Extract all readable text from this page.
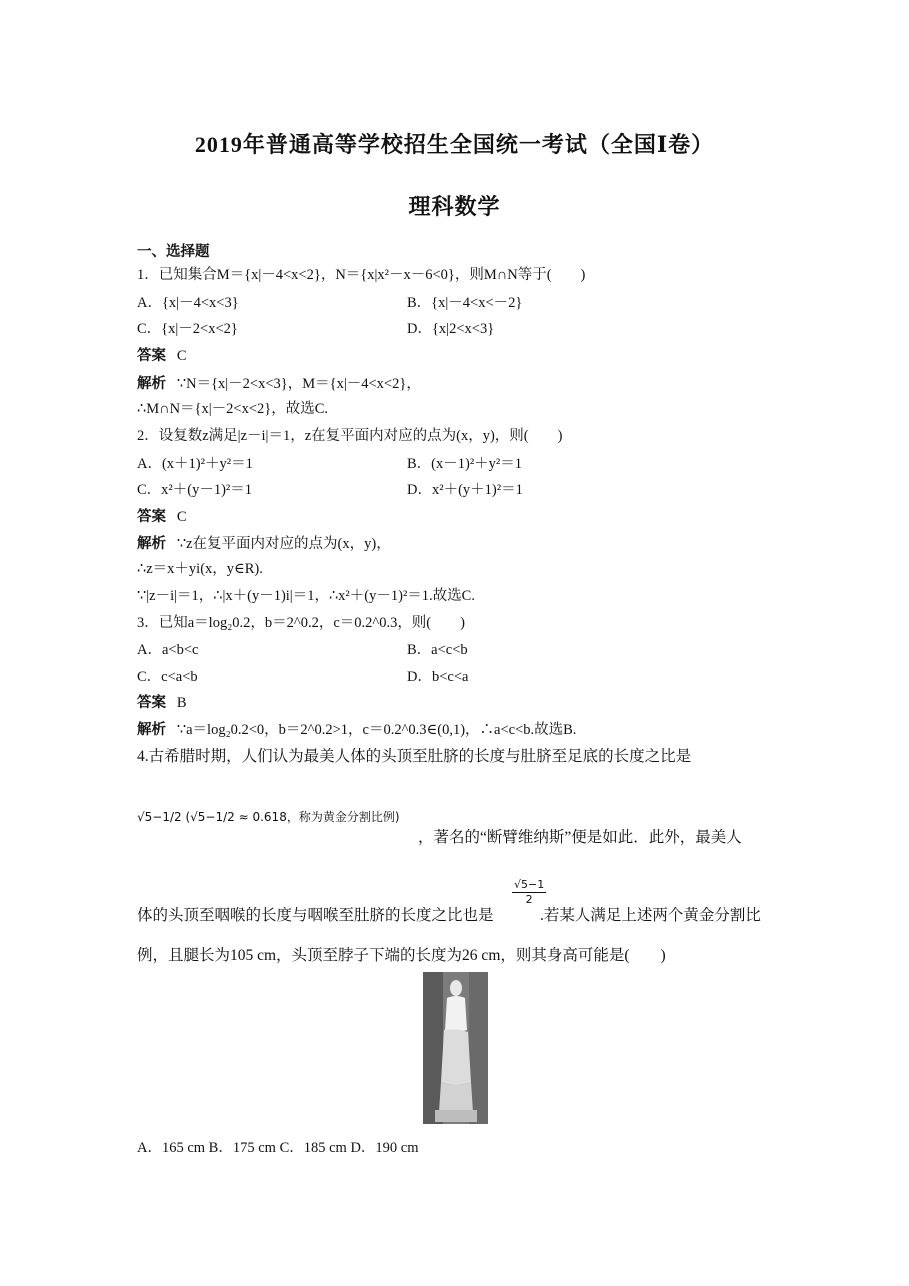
2019年普通高等学校招生全国统一考试（全国Ⅰ卷）
理科数学
一、选择题
1．已知集合M＝{x|－4<x<2}，N＝{x|x²－x－6<0}，则M∩N等于(　　)
A．{x|－4<x<3}	B．{x|－4<x<－2}
C．{x|－2<x<2}	D．{x|2<x<3}
答案 C
解析 ∵N＝{x|－2<x<3}，M＝{x|－4<x<2}，
∴M∩N＝{x|－2<x<2}，故选C.
2．设复数z满足|z－i|＝1，z在复平面内对应的点为(x，y)，则(　　)
A．(x＋1)²＋y²＝1	B．(x－1)²＋y²＝1
C．x²＋(y－1)²＝1	D．x²＋(y＋1)²＝1
答案 C
解析 ∵z在复平面内对应的点为(x，y)，
∴z＝x＋yi(x，y∈R).
∵|z－i|＝1，∴|x＋(y－1)i|＝1，∴x²＋(y－1)²＝1.故选C.
3．已知a＝log₂0.2，b＝2^0.2，c＝0.2^0.3，则(　　)
A．a<b<c	B．a<c<b
C．c<a<b	D．b<c<a
答案 B
解析 ∵a＝log₂0.2<0，b＝2^0.2>1，c＝0.2^0.3∈(0,1)，∴a<c<b.故选B.
4.古希腊时期，人们认为最美人体的头顶至肚脐的长度与肚脐至足底的长度之比是
√5−1/2 (√5−1/2 ≈ 0.618，称为黄金分割比例)
，著名的“断臂维纳斯”便是如此．此外，最美人
体的头顶至咽喉的长度与咽喉至肚脐的长度之比也是
$\frac{√5-1}{2}$
.若某人满足上述两个黄金分割比
例，且腿长为105 cm，头顶至脖子下端的长度为26 cm，则其身高可能是(　　)
A．165 cm B．175 cm C．185 cm D．190 cm
